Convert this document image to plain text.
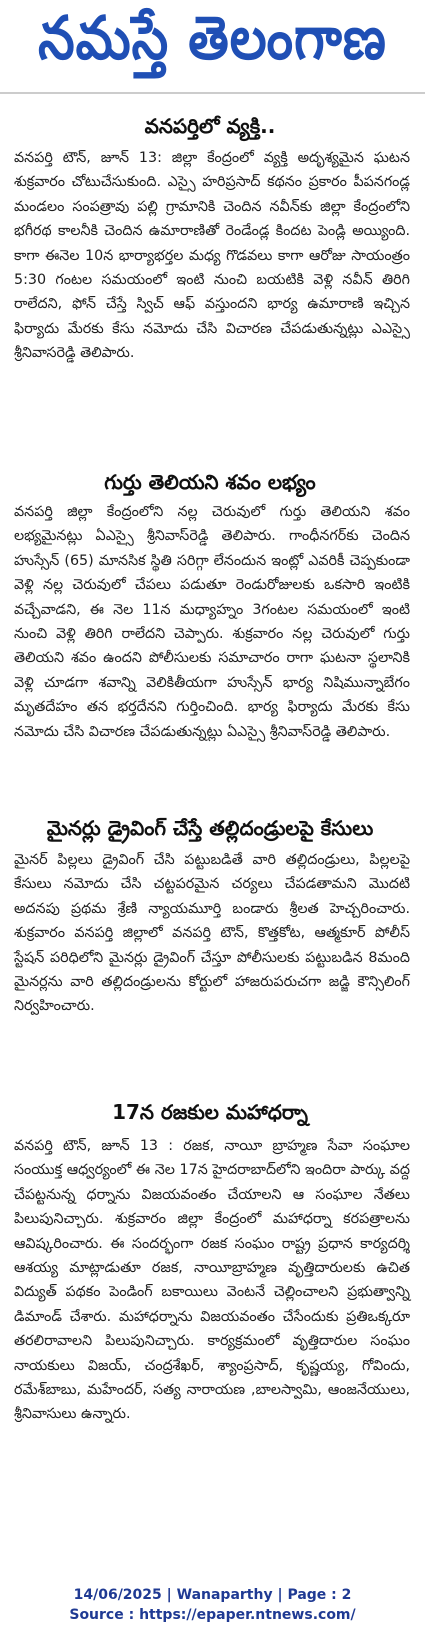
నమస్తే తెలంగాణ
వనపర్తిలో వ్యక్తి..

వనపర్తి టౌన్, జూన్ 13: జిల్లా కేంద్రంలో వ్యక్తి అదృశ్యమైన ఘటన శుక్రవారం చోటుచేసుకుంది. ఎస్సై హరిప్రసాద్ కథనం ప్రకారం పీపనగండ్ల మండలం సంపత్రావు పల్లి గ్రామానికి చెందిన నవీన్‌కు జిల్లా కేంద్రంలోని భగీరథ కాలనీకి చెందిన ఉమారాణితో రెండేండ్ల కిందట పెండ్లి అయ్యింది. కాగా ఈనెల 10న భార్యాభర్తల మధ్య గొడవలు కాగా ఆరోజు సాయంత్రం 5:30 గంటల సమయంలో ఇంటి నుంచి బయటికి వెళ్లి నవీన్ తిరిగి రాలేదని, ఫోన్ చేస్తే స్విచ్ ఆఫ్ వస్తుందని భార్య ఉమారాణి ఇచ్చిన ఫిర్యాదు మేరకు కేసు నమోదు చేసి విచారణ చేపడుతున్నట్లు ఎఎస్సై శ్రీనివాసరెడ్డి తెలిపారు.

గుర్తు తెలియని శవం లభ్యం

వనపర్తి జిల్లా కేంద్రంలోని నల్ల చెరువులో గుర్తు తెలియని శవం లభ్యమైనట్లు ఏఎస్సై శ్రీనివాస్‌రెడ్డి తెలిపారు. గాంధీనగర్‌కు చెందిన హుస్సేన్ (65) మానసిక స్థితి సరిగ్గా లేనందున ఇంట్లో ఎవరికీ చెప్పకుండా వెళ్లి నల్ల చెరువులో చేపలు పడుతూ రెండురోజులకు ఒకసారి ఇంటికి వచ్చేవాడని, ఈ నెల 11న మధ్యాహ్నం 3గంటల సమయంలో ఇంటి నుంచి వెళ్లి తిరిగి రాలేదని చెప్పారు. శుక్రవారం నల్ల చెరువులో గుర్తు తెలియని శవం ఉందని పోలీసులకు సమాచారం రాగా ఘటనా స్థలానికి వెళ్లి చూడగా శవాన్ని వెలికితీయగా హుస్సేన్ భార్య నిషిమున్నాబేగం మృతదేహం తన భర్తదేనని గుర్తించింది. భార్య ఫిర్యాదు మేరకు కేసు నమోదు చేసి విచారణ చేపడుతున్నట్లు ఏఎస్సై శ్రీనివాస్‌రెడ్డి తెలిపారు.

మైనర్లు డ్రైవింగ్ చేస్తే తల్లిదండ్రులపై కేసులు

మైనర్ పిల్లలు డ్రైవింగ్ చేసి పట్టుబడితే వారి తల్లిదండ్రులు, పిల్లలపై కేసులు నమోదు చేసి చట్టపరమైన చర్యలు చేపడతామని మొదటి అదనపు ప్రథమ శ్రేణి న్యాయమూర్తి బండారు శ్రీలత హెచ్చరించారు. శుక్రవారం వనపర్తి జిల్లాలో వనపర్తి టౌన్, కొత్తకోట, ఆత్మకూర్ పోలీస్ స్టేషన్ పరిధిలోని మైనర్లు డ్రైవింగ్ చేస్తూ పోలీసులకు పట్టుబడిన 8మంది మైనర్లను వారి తల్లిదండ్రులను కోర్టులో హాజరుపరుచగా జడ్జి కౌన్సిలింగ్ నిర్వహించారు.

17న రజకుల మహాధర్నా

వనపర్తి టౌన్, జూన్ 13 : రజక, నాయీ బ్రాహ్మణ సేవా సంఘాల సంయుక్త ఆధ్వర్యంలో ఈ నెల 17న హైదరాబాద్‌లోని ఇందిరా పార్కు వద్ద చేపట్టనున్న ధర్నాను విజయవంతం చేయాలని ఆ సంఘాల నేతలు పిలుపునిచ్చారు. శుక్రవారం జిల్లా కేంద్రంలో మహాధర్నా కరపత్రాలను ఆవిష్కరించారు. ఈ సందర్భంగా రజక సంఘం రాష్ట్ర ప్రధాన కార్యదర్శి ఆశయ్య మాట్లాడుతూ రజక, నాయీబ్రాహ్మణ వృత్తిదారులకు ఉచిత విద్యుత్ పథకం పెండింగ్ బకాయిలు వెంటనే చెల్లించాలని ప్రభుత్వాన్ని డిమాండ్ చేశారు. మహాధర్నాను విజయవంతం చేసేందుకు ప్రతిఒక్కరూ తరలిరావాలని పిలుపునిచ్చారు. కార్యక్రమంలో వృత్తిదారుల సంఘం నాయకులు విజయ్, చంద్రశేఖర్, శ్యాంప్రసాద్, కృష్ణయ్య, గోవిందు, రమేశ్‌బాబు, మహేందర్, సత్య నారాయణ ,బాలస్వామి, ఆంజనేయులు, శ్రీనివాసులు ఉన్నారు.

14/06/2025 | Wanaparthy | Page : 2
Source : https://epaper.ntnews.com/
